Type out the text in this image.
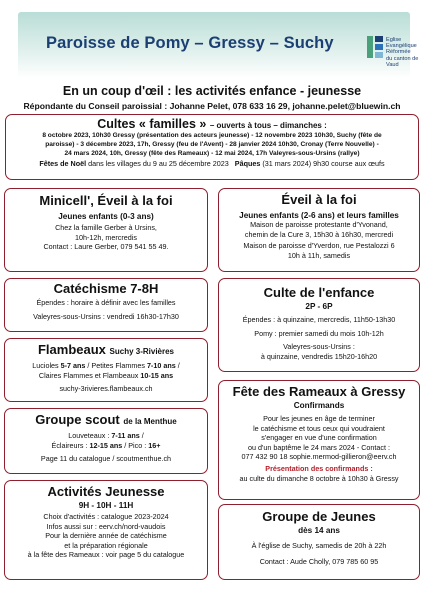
Paroisse de Pomy – Gressy – Suchy	Eglise
Evangélique
Réformée
du canton de
Vaud
En un coup d'œil : les activités enfance - jeunesse
Répondante du Conseil paroissial : Johanne Pelet, 078 633 16 29, johanne.pelet@bluewin.ch
Cultes « familles » – ouverts à tous – dimanches :
8 octobre 2023, 10h30 Gressy (présentation des acteurs jeunesse) - 12 novembre 2023 10h30, Suchy (fête de
paroisse) - 3 décembre 2023, 17h, Gressy (feu de l'Avent) - 28 janvier 2024 10h30, Cronay (Terre Nouvelle) -
24 mars 2024, 10h, Gressy (fête des Rameaux) - 12 mai 2024, 17h Valeyres-sous-Ursins (rallye)
Fêtes de Noël dans les villages du 9 au 25 décembre 2023 Pâques (31 mars 2024) 9h30 course aux œufs
Minicell', Éveil à la foi
Jeunes enfants (0-3 ans)
Chez la famille Gerber à Ursins,
10h-12h, mercredis
Contact : Laure Gerber, 079 541 55 49.
Éveil à la foi
Jeunes enfants (2-6 ans) et leurs familles
Maison de paroisse protestante d'Yvonand,
chemin de la Cure 3, 15h30 à 16h30, mercredi
Maison de paroisse d'Yverdon, rue Pestalozzi 6
10h à 11h, samedis
Catéchisme 7-8H
Épendes : horaire à définir avec les familles
Valeyres-sous-Ursins : vendredi 16h30-17h30
Culte de l'enfance
2P - 6P
Épendes : à quinzaine, mercredis, 11h50-13h30
Pomy : premier samedi du mois 10h-12h
Valeyres-sous-Ursins :
à quinzaine, vendredis 15h20-16h20
Flambeaux Suchy 3-Rivières
Lucioles 5-7 ans / Petites Flammes 7-10 ans /
Claires Flammes et Flambeaux 10-15 ans
suchy-3rivieres.flambeaux.ch
Groupe scout de la Menthue
Louveteaux : 7-11 ans /
Éclaireurs : 12-15 ans / Pico : 16+
Page 11 du catalogue / scoutmenthue.ch
Fête des Rameaux à Gressy
Confirmands
Pour les jeunes en âge de terminer
le catéchisme et tous ceux qui voudraient
s'engager en vue d'une confirmation
ou d'un baptême le 24 mars 2024 - Contact :
077 432 90 18 sophie.mermod-gillieron@eerv.ch
Présentation des confirmands :
au culte du dimanche 8 octobre à 10h30 à Gressy
Activités Jeunesse
9H - 10H - 11H
Choix d'activités : catalogue 2023-2024
Infos aussi sur : eerv.ch/nord-vaudois
Pour la dernière année de catéchisme
et la préparation régionale
à la fête des Rameaux : voir page 5 du catalogue
Groupe de Jeunes
dès 14 ans
À l'église de Suchy, samedis de 20h à 22h
Contact : Aude Cholly, 079 785 60 95
